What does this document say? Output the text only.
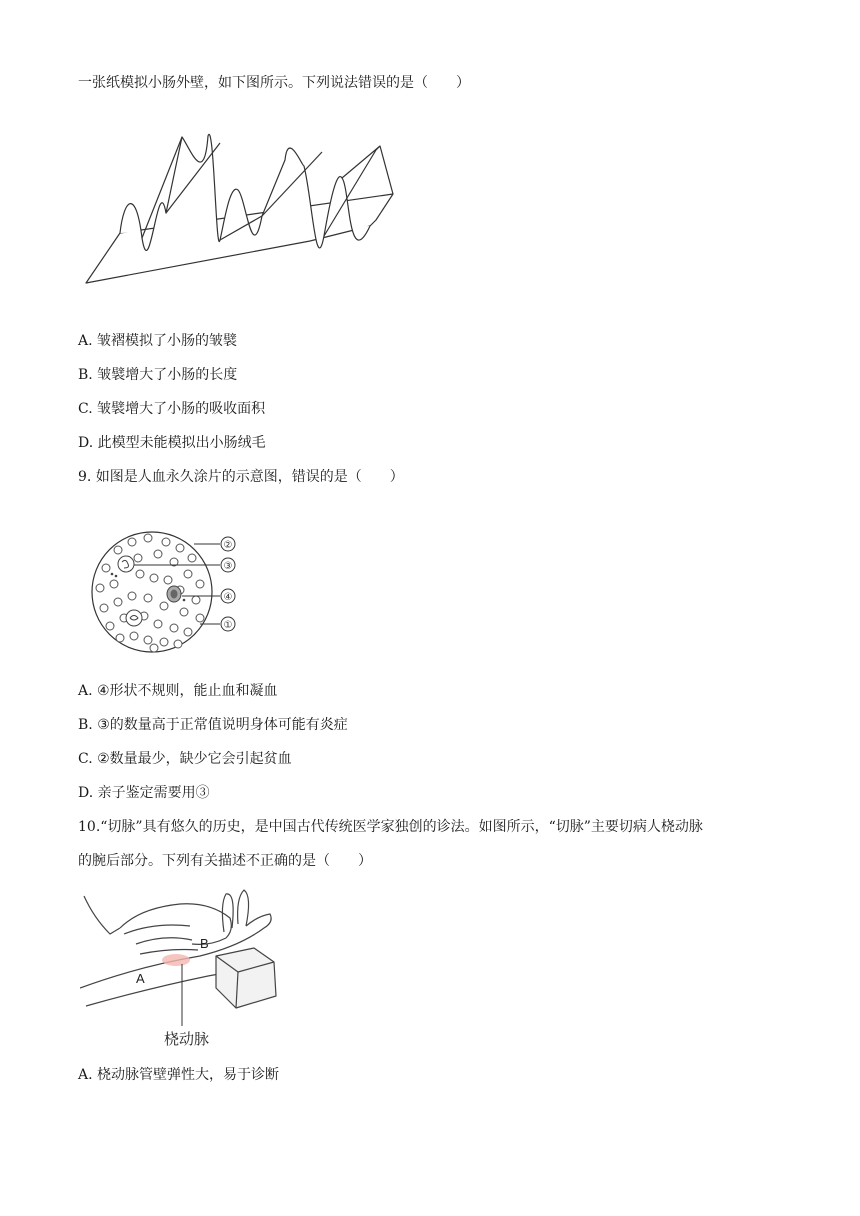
一张纸模拟小肠外壁，如下图所示。下列说法错误的是（　　）
A. 皱褶模拟了小肠的皱襞
B. 皱襞增大了小肠的长度
C. 皱襞增大了小肠的吸收面积
D. 此模型未能模拟出小肠绒毛
9. 如图是人血永久涂片的示意图，错误的是（　　）
②
③
④
①
A. ④形状不规则，能止血和凝血
B. ③的数量高于正常值说明身体可能有炎症
C. ②数量最少，缺少它会引起贫血
D. 亲子鉴定需要用③
10.“切脉”具有悠久的历史，是中国古代传统医学家独创的诊法。如图所示，“切脉”主要切病人桡动脉
的腕后部分。下列有关描述不正确的是（　　）
B
A
桡动脉
A. 桡动脉管壁弹性大，易于诊断
